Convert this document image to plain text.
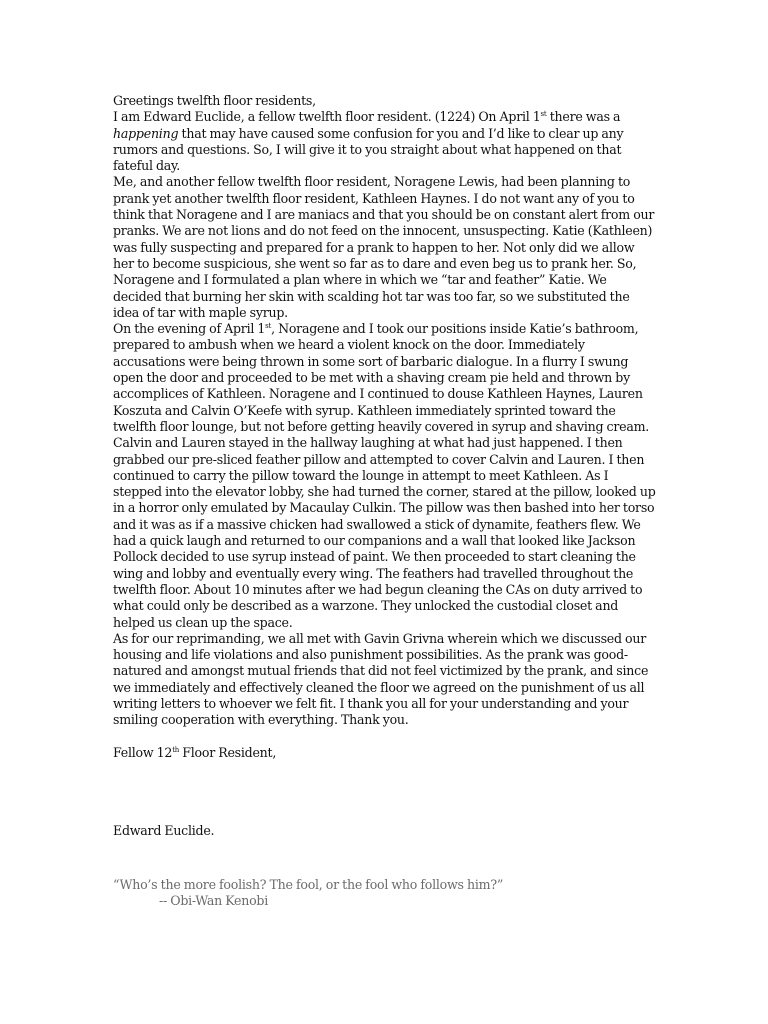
Greetings twelfth floor residents,

I am Edward Euclide, a fellow twelfth floor resident. (1224) On April 1st there was a happening that may have caused some confusion for you and I’d like to clear up any rumors and questions. So, I will give it to you straight about what happened on that fateful day.

Me, and another fellow twelfth floor resident, Noragene Lewis, had been planning to prank yet another twelfth floor resident, Kathleen Haynes. I do not want any of you to think that Noragene and I are maniacs and that you should be on constant alert from our pranks. We are not lions and do not feed on the innocent, unsuspecting. Katie (Kathleen) was fully suspecting and prepared for a prank to happen to her. Not only did we allow her to become suspicious, she went so far as to dare and even beg us to prank her. So, Noragene and I formulated a plan where in which we “tar and feather” Katie. We decided that burning her skin with scalding hot tar was too far, so we substituted the idea of tar with maple syrup.

On the evening of April 1st, Noragene and I took our positions inside Katie’s bathroom, prepared to ambush when we heard a violent knock on the door. Immediately accusations were being thrown in some sort of barbaric dialogue. In a flurry I swung open the door and proceeded to be met with a shaving cream pie held and thrown by accomplices of Kathleen. Noragene and I continued to douse Kathleen Haynes, Lauren Koszuta and Calvin O’Keefe with syrup. Kathleen immediately sprinted toward the twelfth floor lounge, but not before getting heavily covered in syrup and shaving cream. Calvin and Lauren stayed in the hallway laughing at what had just happened. I then grabbed our pre-sliced feather pillow and attempted to cover Calvin and Lauren. I then continued to carry the pillow toward the lounge in attempt to meet Kathleen. As I stepped into the elevator lobby, she had turned the corner, stared at the pillow, looked up in a horror only emulated by Macaulay Culkin. The pillow was then bashed into her torso and it was as if a massive chicken had swallowed a stick of dynamite, feathers flew. We had a quick laugh and returned to our companions and a wall that looked like Jackson Pollock decided to use syrup instead of paint. We then proceeded to start cleaning the wing and lobby and eventually every wing. The feathers had travelled throughout the twelfth floor. About 10 minutes after we had begun cleaning the CAs on duty arrived to what could only be described as a warzone. They unlocked the custodial closet and helped us clean up the space.

As for our reprimanding, we all met with Gavin Grivna wherein which we discussed our housing and life violations and also punishment possibilities. As the prank was good-natured and amongst mutual friends that did not feel victimized by the prank, and since we immediately and effectively cleaned the floor we agreed on the punishment of us all writing letters to whoever we felt fit. I thank you all for your understanding and your smiling cooperation with everything. Thank you.

Fellow 12th Floor Resident,

Edward Euclide.

“Who’s the more foolish? The fool, or the fool who follows him?”

-- Obi-Wan Kenobi
